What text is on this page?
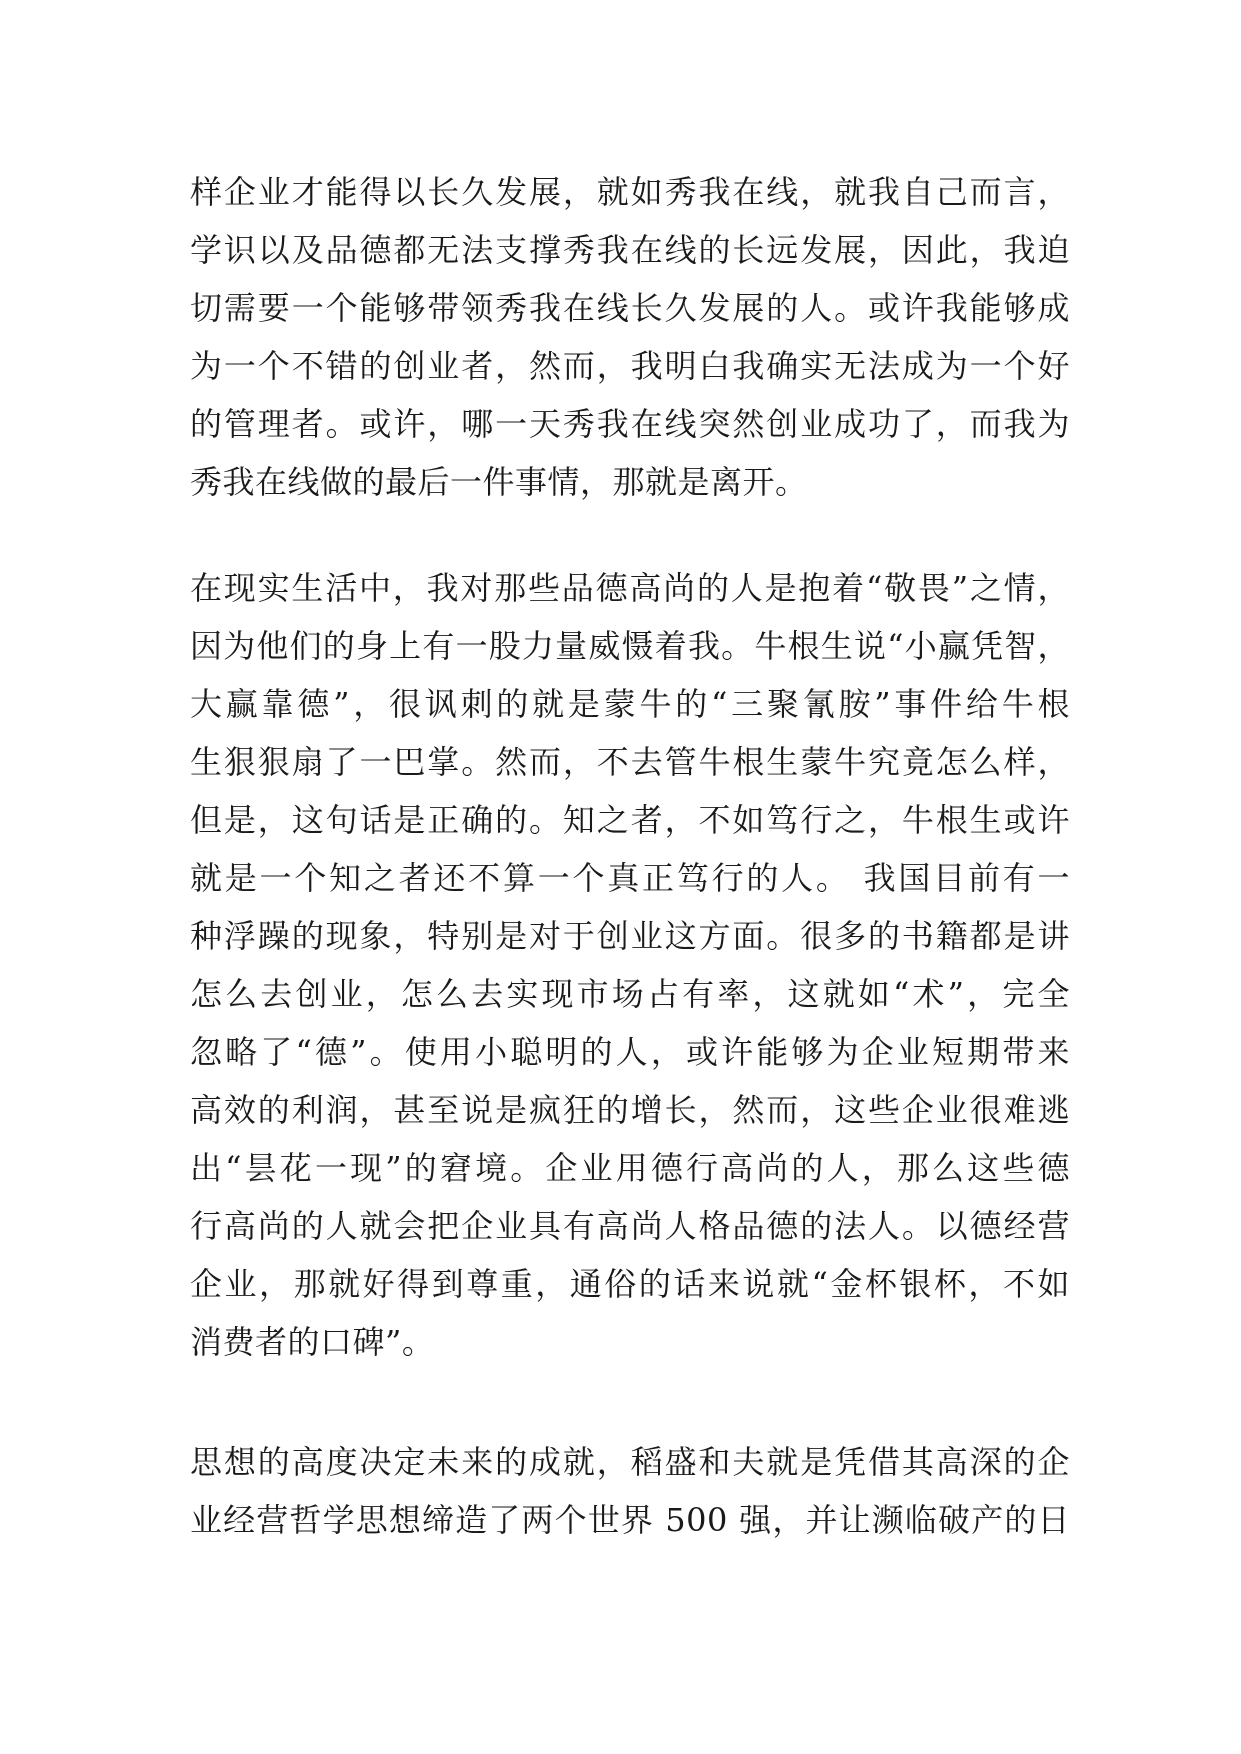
样企业才能得以长久发展，就如秀我在线，就我自己而言，
学识以及品德都无法支撑秀我在线的长远发展，因此，我迫
切需要一个能够带领秀我在线长久发展的人。或许我能够成
为一个不错的创业者，然而，我明白我确实无法成为一个好
的管理者。或许，哪一天秀我在线突然创业成功了，而我为
秀我在线做的最后一件事情，那就是离开。
在现实生活中，我对那些品德高尚的人是抱着“敬畏”之情，
因为他们的身上有一股力量威慑着我。牛根生说“小赢凭智，
大赢靠德”，很讽刺的就是蒙牛的“三聚氰胺”事件给牛根
生狠狠扇了一巴掌。然而，不去管牛根生蒙牛究竟怎么样，
但是，这句话是正确的。知之者，不如笃行之，牛根生或许
就是一个知之者还不算一个真正笃行的人。 我国目前有一
种浮躁的现象，特别是对于创业这方面。很多的书籍都是讲
怎么去创业，怎么去实现市场占有率，这就如“术”，完全
忽略了“德”。使用小聪明的人，或许能够为企业短期带来
高效的利润，甚至说是疯狂的增长，然而，这些企业很难逃
出“昙花一现”的窘境。企业用德行高尚的人，那么这些德
行高尚的人就会把企业具有高尚人格品德的法人。以德经营
企业，那就好得到尊重，通俗的话来说就“金杯银杯，不如
消费者的口碑”。
思想的高度决定未来的成就，稻盛和夫就是凭借其高深的企
业经营哲学思想缔造了两个世界 500 强，并让濒临破产的日
